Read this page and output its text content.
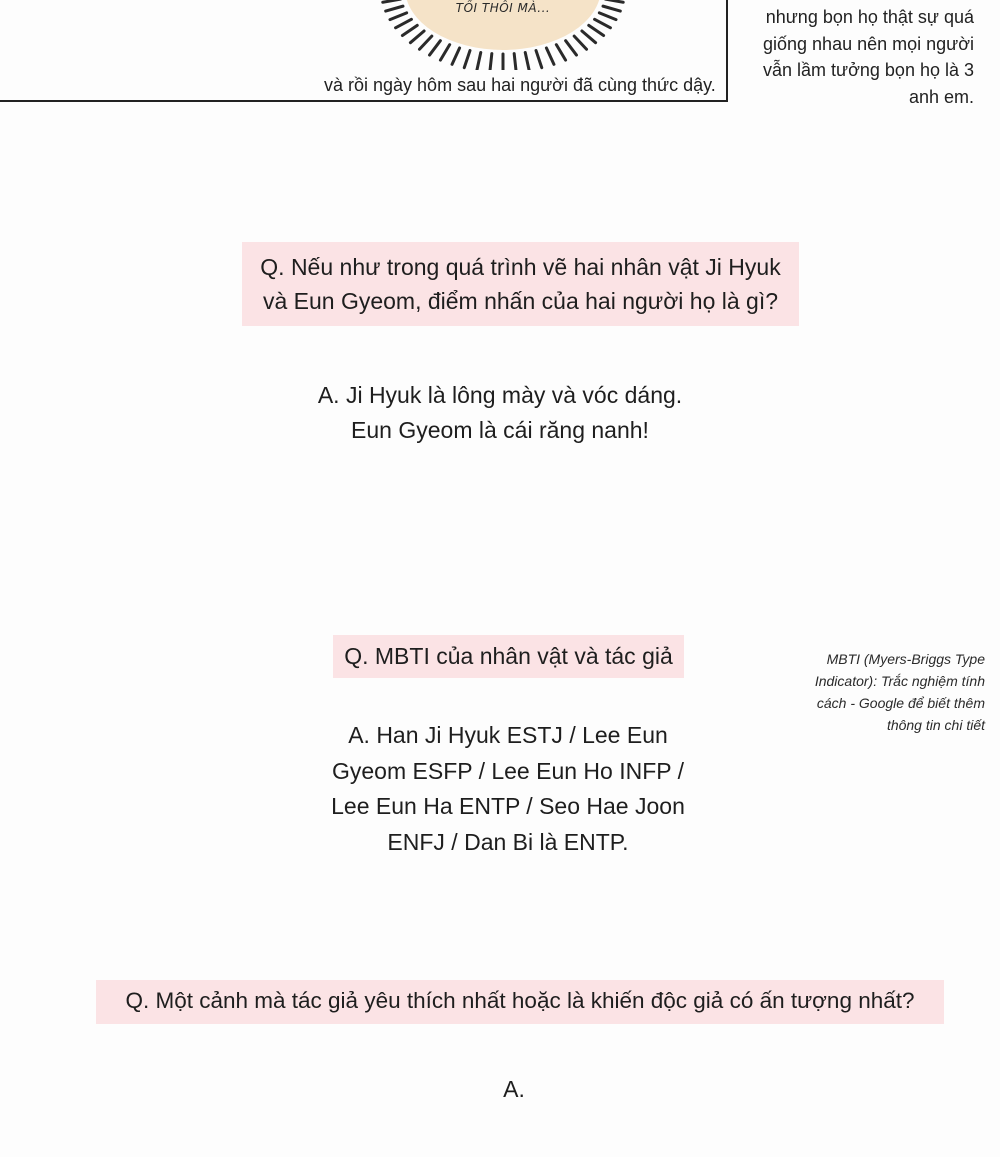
TỐI THÔI MÀ...
và rồi ngày hôm sau hai người đã cùng thức dậy.
nhưng bọn họ thật sự quá
giống nhau nên mọi người
vẫn lầm tưởng bọn họ là 3
anh em.
Q. Nếu như trong quá trình vẽ hai nhân vật Ji Hyuk
và Eun Gyeom, điểm nhấn của hai người họ là gì?
A. Ji Hyuk là lông mày và vóc dáng.
Eun Gyeom là cái răng nanh!
Q. MBTI của nhân vật và tác giả
A. Han Ji Hyuk ESTJ / Lee Eun
Gyeom ESFP / Lee Eun Ho INFP /
Lee Eun Ha ENTP / Seo Hae Joon
ENFJ / Dan Bi là ENTP.
MBTI (Myers-Briggs Type
Indicator): Trắc nghiệm tính
cách - Google để biết thêm
thông tin chi tiết
Q. Một cảnh mà tác giả yêu thích nhất hoặc là khiến độc giả có ấn tượng nhất?
A.
